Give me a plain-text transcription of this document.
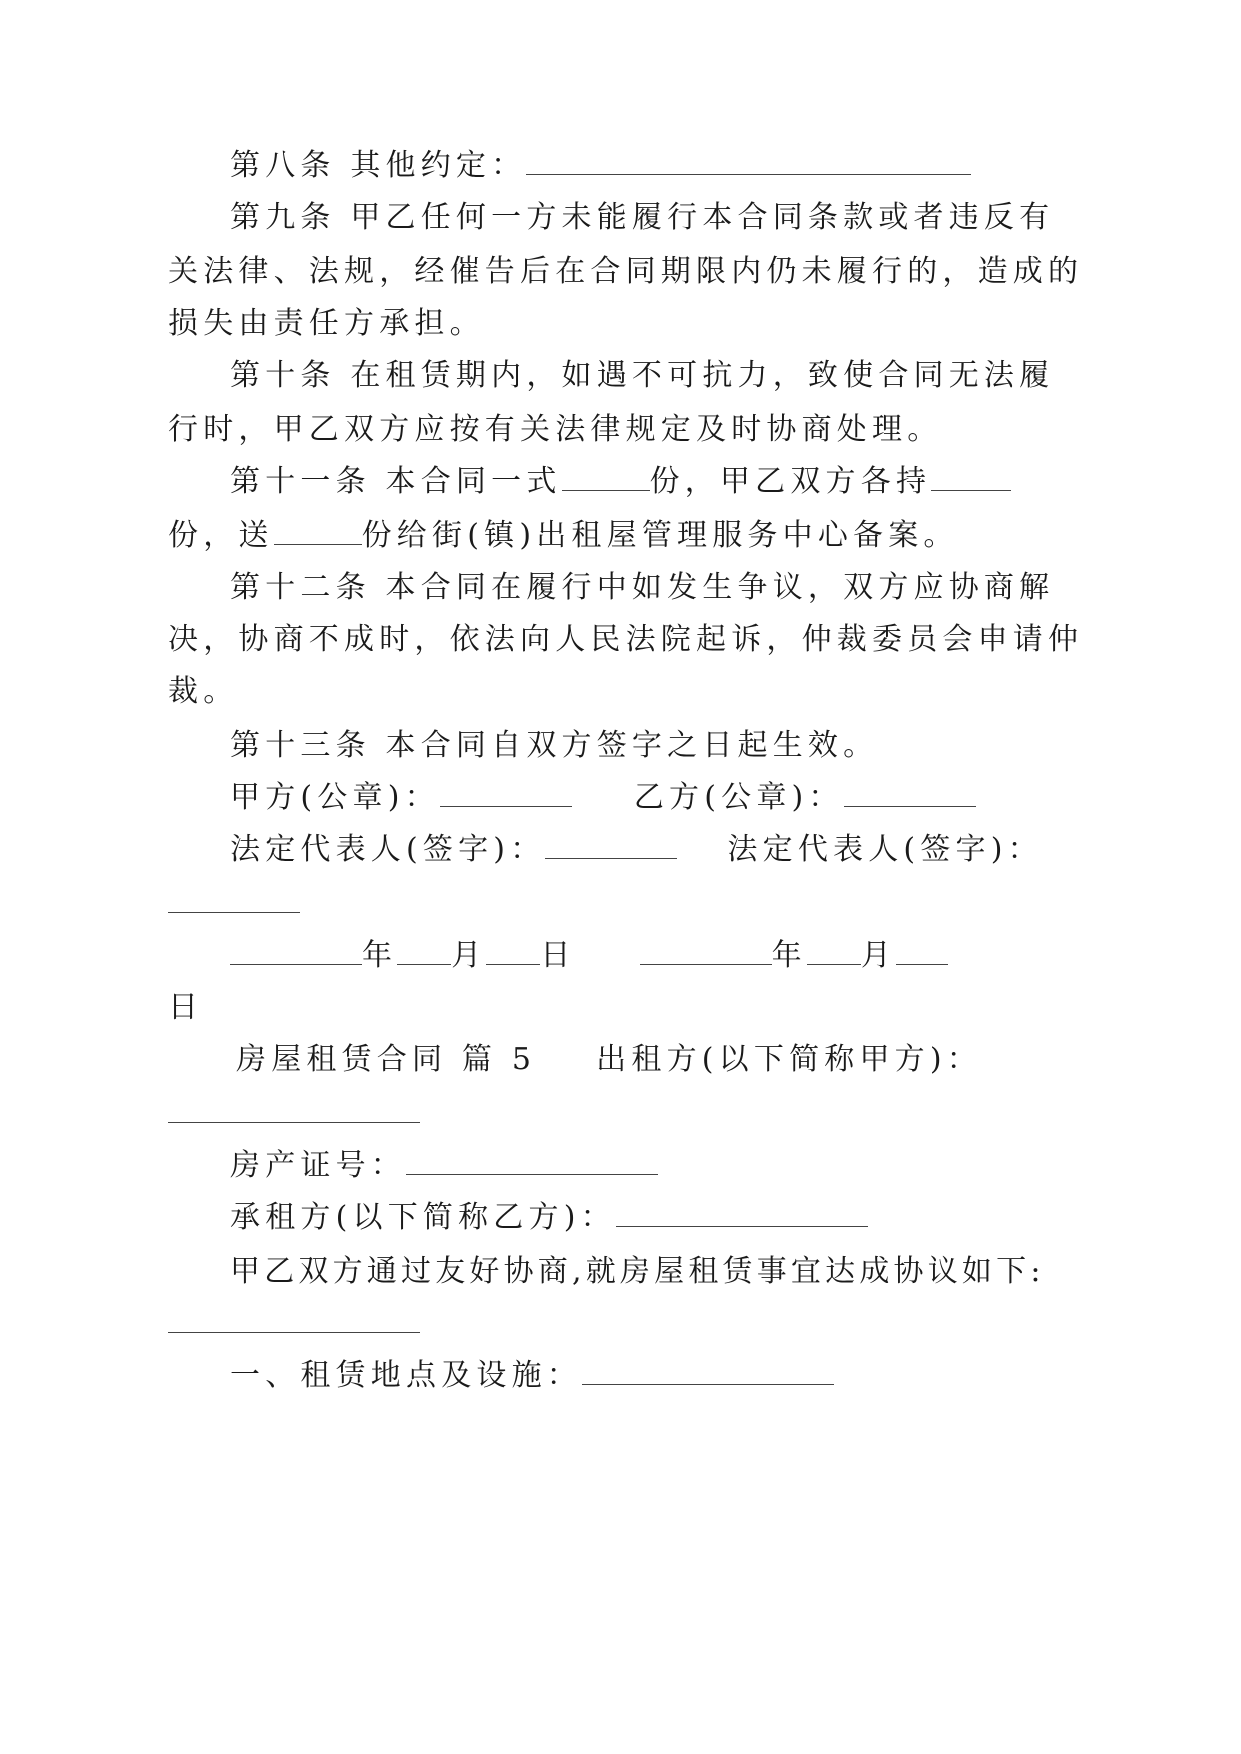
第八条 其他约定：
第九条 甲乙任何一方未能履行本合同条款或者违反有
关法律、法规，经催告后在合同期限内仍未履行的，造成的
损失由责任方承担。
第十条 在租赁期内，如遇不可抗力，致使合同无法履
行时，甲乙双方应按有关法律规定及时协商处理。
第十一条 本合同一式	份，甲乙双方各持
份，送	份给街(镇)出租屋管理服务中心备案。
第十二条 本合同在履行中如发生争议，双方应协商解
决，协商不成时，依法向人民法院起诉，仲裁委员会申请仲
裁。
第十三条 本合同自双方签字之日起生效。
甲方(公章)：	乙方(公章)：
法定代表人(签字)：	法定代表人(签字)：
年 月 日	年 月
日
房屋租赁合同 篇 5 出租方(以下简称甲方)：
房产证号：
承租方(以下简称乙方)：
甲乙双方通过友好协商,就房屋租赁事宜达成协议如下:
一、租赁地点及设施：
